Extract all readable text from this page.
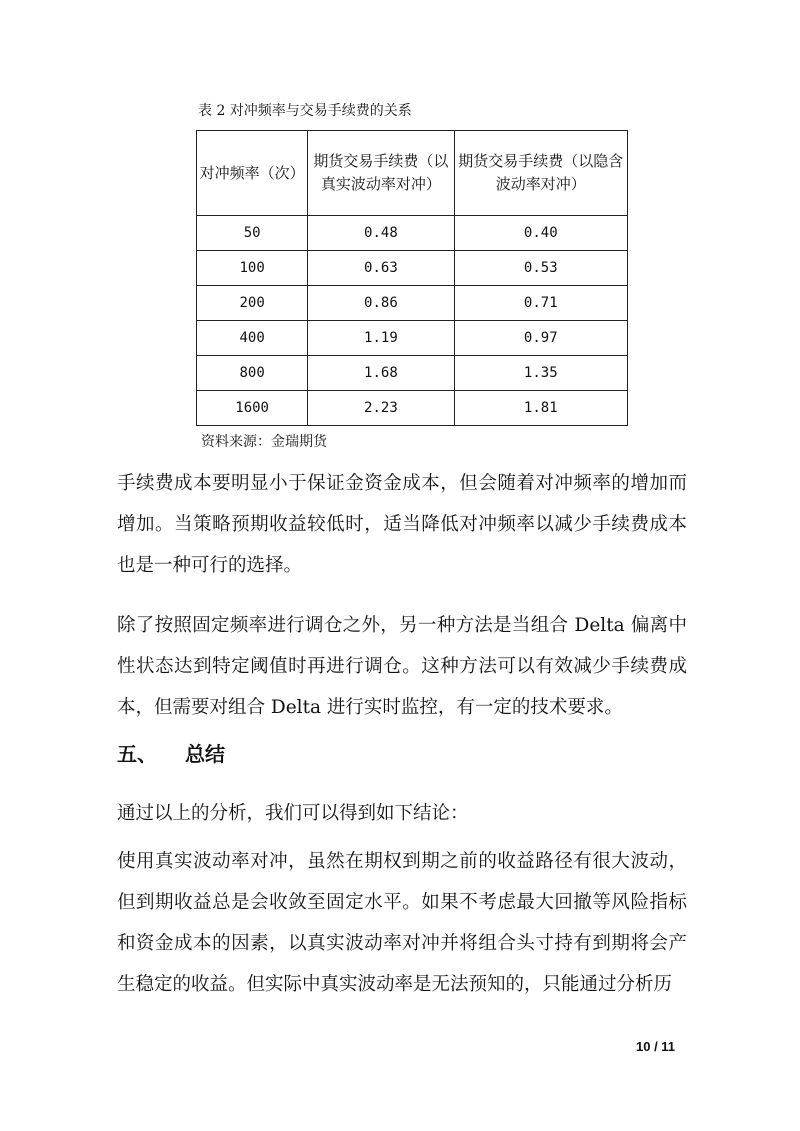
表 2 对冲频率与交易手续费的关系
对冲频率（次）	期货交易手续费（以真实波动率对冲）	期货交易手续费（以隐含波动率对冲）
50	0.48	0.40
100	0.63	0.53
200	0.86	0.71
400	1.19	0.97
800	1.68	1.35
1600	2.23	1.81
资料来源：金瑞期货

手续费成本要明显小于保证金资金成本，但会随着对冲频率的增加而增加。当策略预期收益较低时，适当降低对冲频率以减少手续费成本也是一种可行的选择。

除了按照固定频率进行调仓之外，另一种方法是当组合 Delta 偏离中性状态达到特定阈值时再进行调仓。这种方法可以有效减少手续费成本，但需要对组合 Delta 进行实时监控，有一定的技术要求。

五、 总结

通过以上的分析，我们可以得到如下结论：

使用真实波动率对冲，虽然在期权到期之前的收益路径有很大波动，但到期收益总是会收敛至固定水平。如果不考虑最大回撤等风险指标和资金成本的因素，以真实波动率对冲并将组合头寸持有到期将会产生稳定的收益。但实际中真实波动率是无法预知的，只能通过分析历

10 / 11
